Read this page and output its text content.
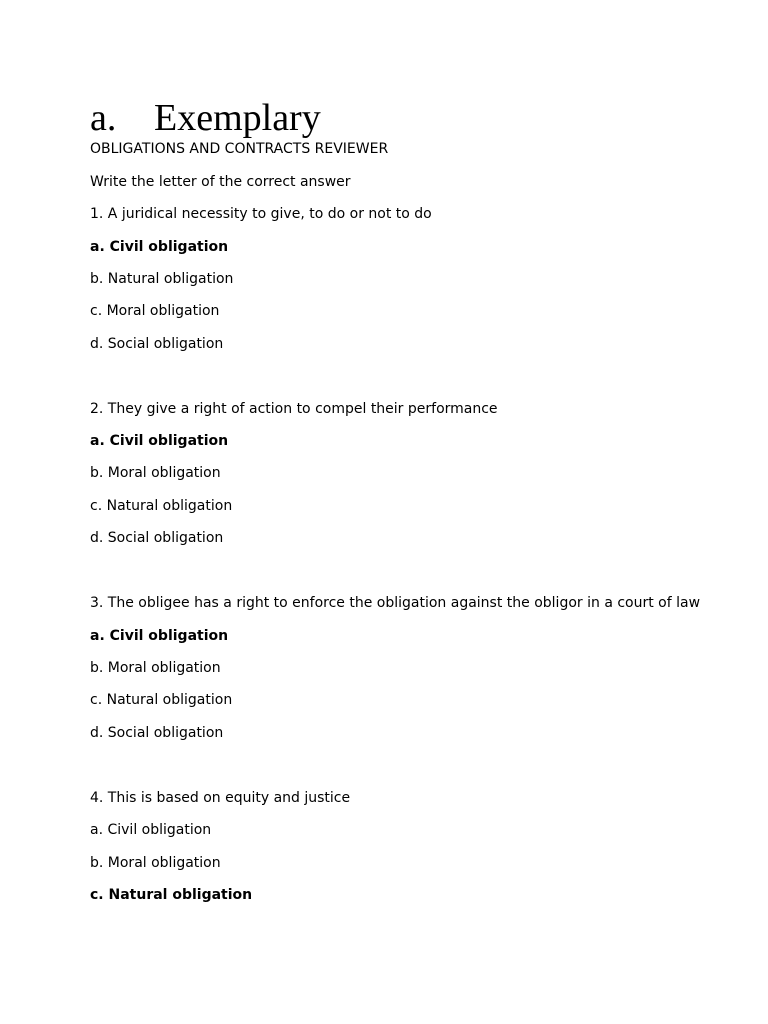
a. Exemplary
OBLIGATIONS AND CONTRACTS REVIEWER
Write the letter of the correct answer
1. A juridical necessity to give, to do or not to do
a. Civil obligation
b. Natural obligation
c. Moral obligation
d. Social obligation
2. They give a right of action to compel their performance
a. Civil obligation
b. Moral obligation
c. Natural obligation
d. Social obligation
3. The obligee has a right to enforce the obligation against the obligor in a court of law
a. Civil obligation
b. Moral obligation
c. Natural obligation
d. Social obligation
4. This is based on equity and justice
a. Civil obligation
b. Moral obligation
c. Natural obligation
